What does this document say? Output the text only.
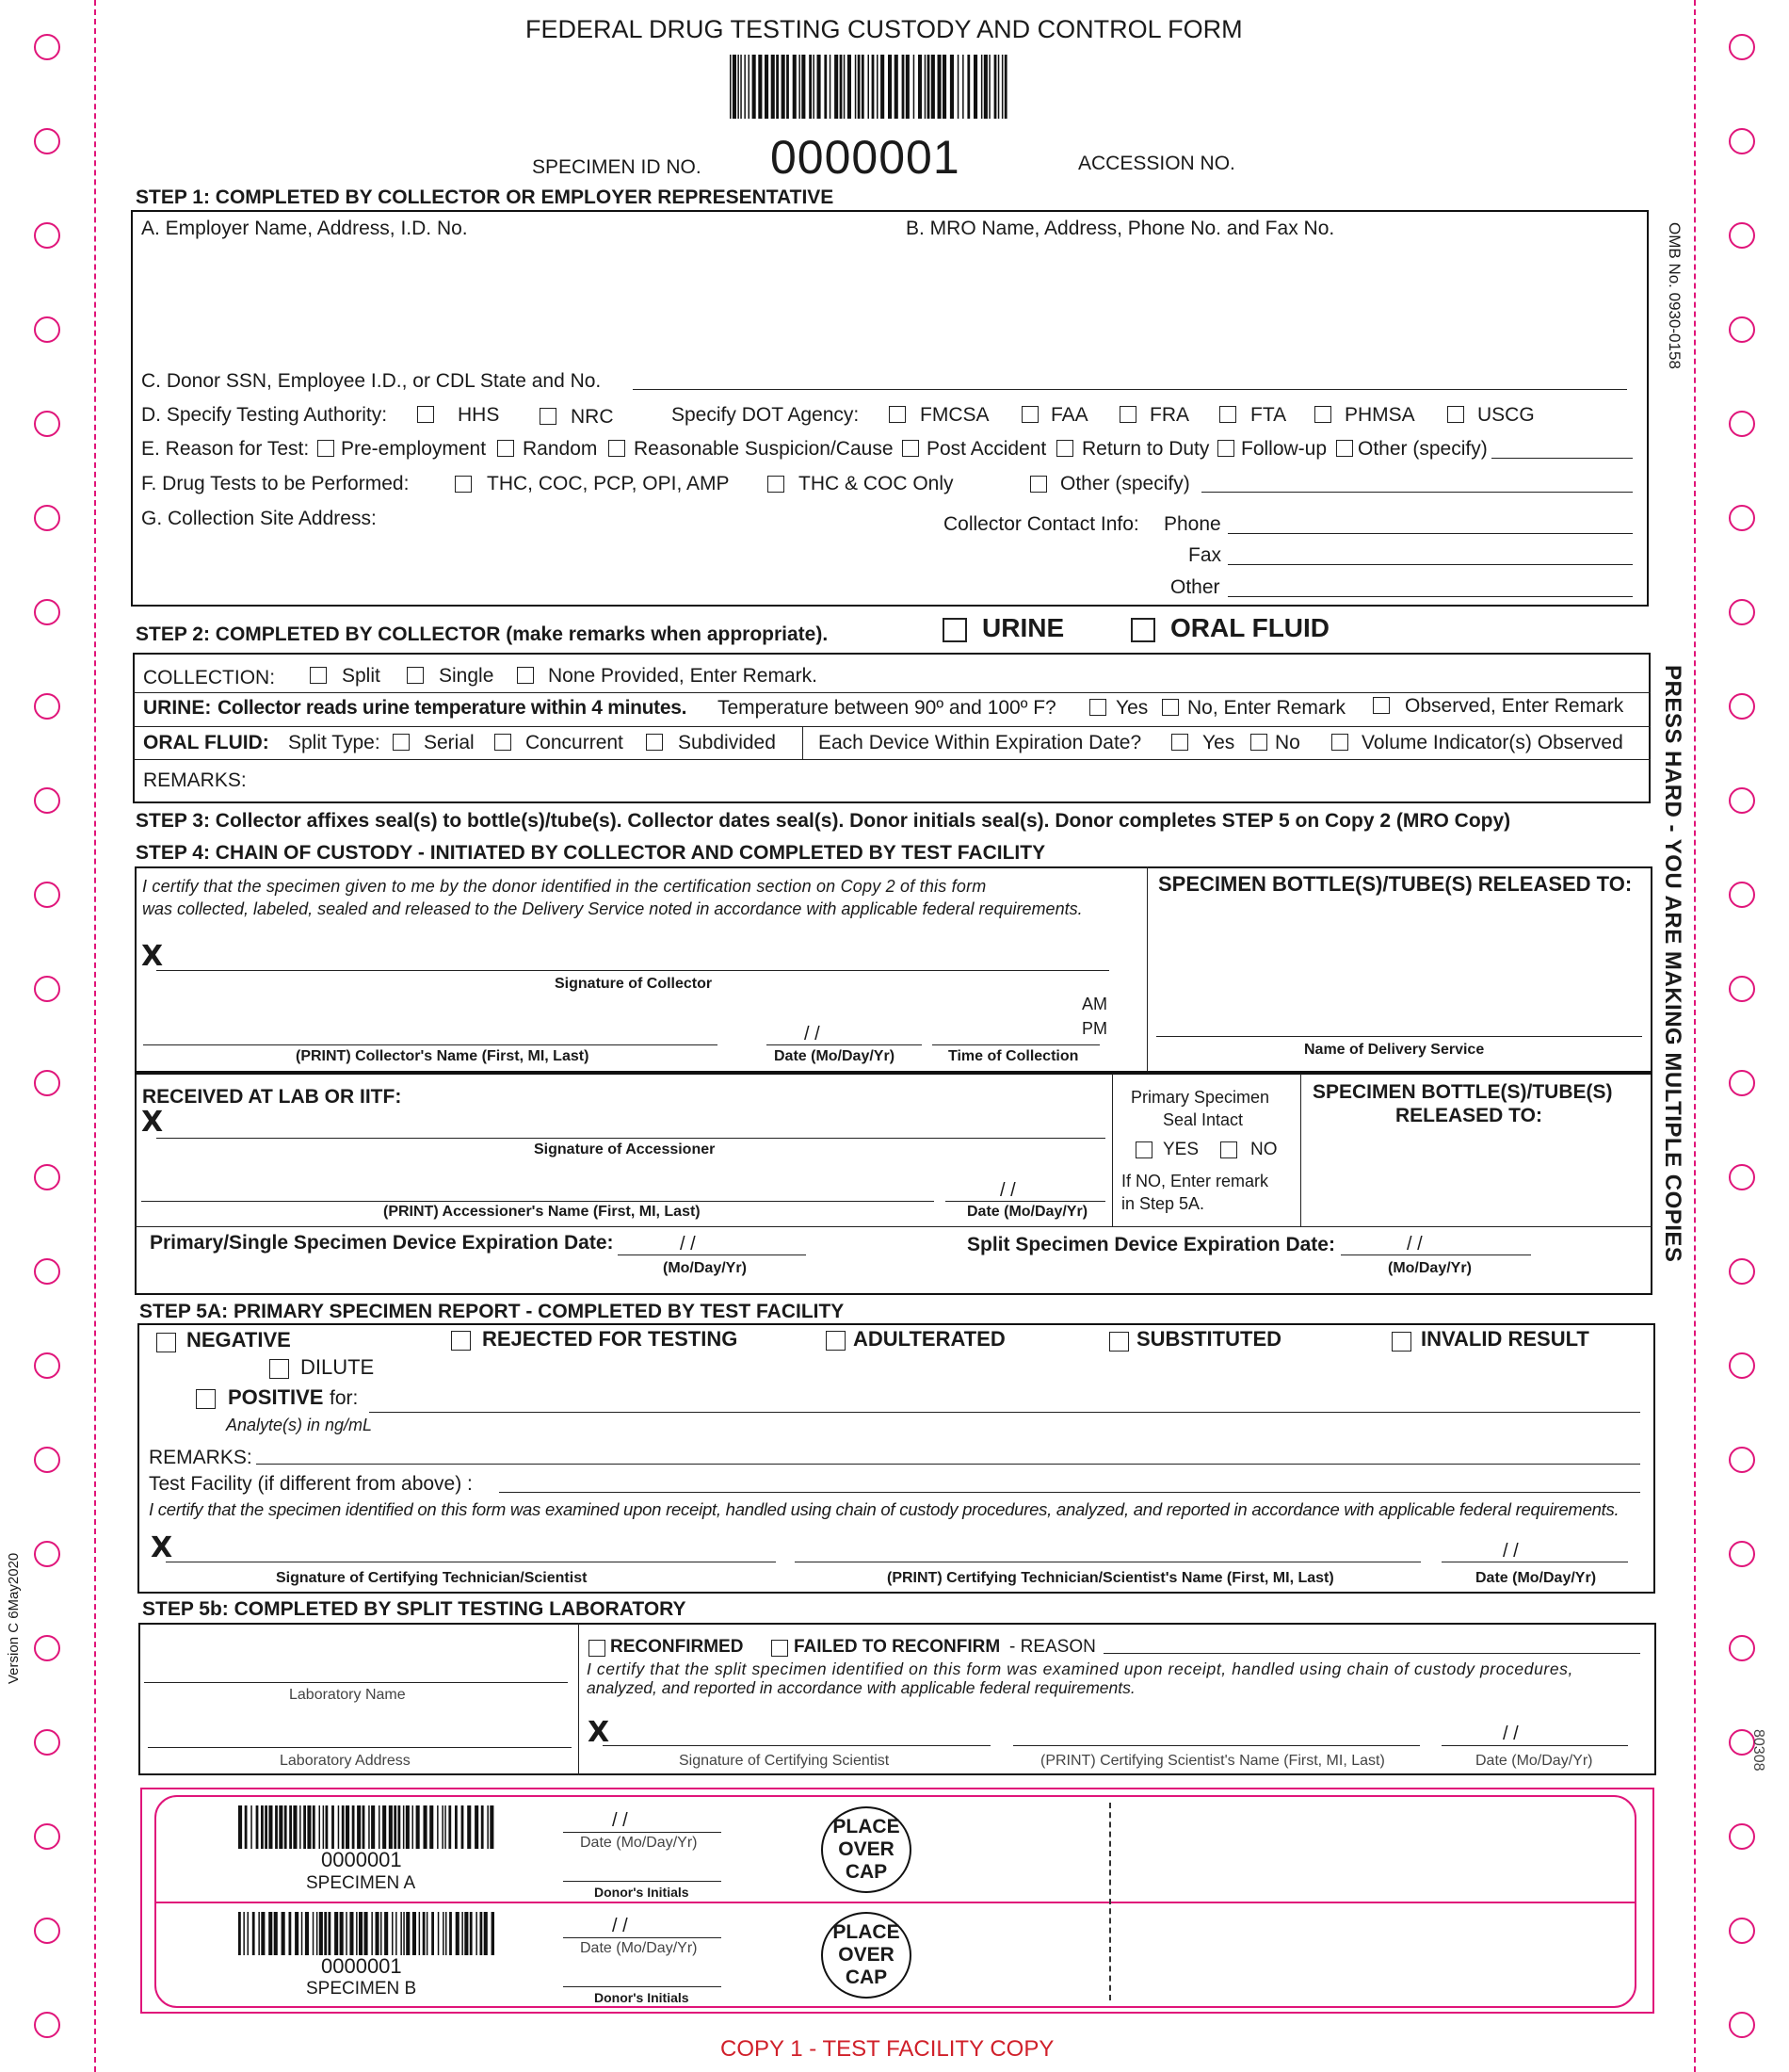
FEDERAL DRUG TESTING CUSTODY AND CONTROL FORM
SPECIMEN ID NO. 0000001	ACCESSION NO.
OMB No. 0930-0158
PRESS HARD - YOU ARE MAKING MULTIPLE COPIES
Version C 6May2020
80308
STEP 1: COMPLETED BY COLLECTOR OR EMPLOYER REPRESENTATIVE
A. Employer Name, Address, I.D. No.	B. MRO Name, Address, Phone No. and Fax No.
C. Donor SSN, Employee I.D., or CDL State and No.
D. Specify Testing Authority:	HHS	NRC	Specify DOT Agency:	FMCSA	FAA	FRA	FTA	PHMSA	USCG
E. Reason for Test: Pre-employment Random Reasonable Suspicion/Cause Post Accident Return to Duty Follow-up Other (specify)
F. Drug Tests to be Performed:	THC, COC, PCP, OPI, AMP	THC & COC Only	Other (specify)
G. Collection Site Address:	Collector Contact Info: Phone
Fax
Other
STEP 2: COMPLETED BY COLLECTOR (make remarks when appropriate).	URINE	ORAL FLUID
COLLECTION:	Split	Single	None Provided, Enter Remark.
URINE: Collector reads urine temperature within 4 minutes. Temperature between 90º and 100º F?	Yes No, Enter Remark	Observed, Enter Remark
ORAL FLUID: Split Type: Serial	Concurrent	Subdivided Each Device Within Expiration Date?	Yes No	Volume Indicator(s) Observed
REMARKS:
STEP 3: Collector affixes seal(s) to bottle(s)/tube(s). Collector dates seal(s). Donor initials seal(s). Donor completes STEP 5 on Copy 2 (MRO Copy)
STEP 4: CHAIN OF CUSTODY - INITIATED BY COLLECTOR AND COMPLETED BY TEST FACILITY
I certify that the specimen given to me by the donor identified in the certification section on Copy 2 of this form
was collected, labeled, sealed and released to the Delivery Service noted in accordance with applicable federal requirements.
X
Signature of Collector
AM
PM
/ /
(PRINT) Collector's Name (First, MI, Last)	Date (Mo/Day/Yr)	Time of Collection
SPECIMEN BOTTLE(S)/TUBE(S) RELEASED TO:
Name of Delivery Service
RECEIVED AT LAB OR IITF:
X
Signature of Accessioner
/ /
(PRINT) Accessioner's Name (First, MI, Last)	Date (Mo/Day/Yr)
Primary Specimen
Seal Intact
YES	NO
If NO, Enter remark
in Step 5A.
SPECIMEN BOTTLE(S)/TUBE(S)
RELEASED TO:
Primary/Single Specimen Device Expiration Date:	/ /
(Mo/Day/Yr)
Split Specimen Device Expiration Date:	/ /
(Mo/Day/Yr)
STEP 5A: PRIMARY SPECIMEN REPORT - COMPLETED BY TEST FACILITY
NEGATIVE	REJECTED FOR TESTING	ADULTERATED	SUBSTITUTED	INVALID RESULT
DILUTE
POSITIVE for:
Analyte(s) in ng/mL
REMARKS:
Test Facility (if different from above) :
I certify that the specimen identified on this form was examined upon receipt, handled using chain of custody procedures, analyzed, and reported in accordance with applicable federal requirements.
X	/ /
Signature of Certifying Technician/Scientist	(PRINT) Certifying Technician/Scientist's Name (First, MI, Last)	Date (Mo/Day/Yr)
STEP 5b: COMPLETED BY SPLIT TESTING LABORATORY
Laboratory Name
Laboratory Address
RECONFIRMED	FAILED TO RECONFIRM - REASON
I certify that the split specimen identified on this form was examined upon receipt, handled using chain of custody procedures,
analyzed, and reported in accordance with applicable federal requirements.
X	/ /
Signature of Certifying Scientist	(PRINT) Certifying Scientist's Name (First, MI, Last)	Date (Mo/Day/Yr)
0000001
SPECIMEN A
/ /
Date (Mo/Day/Yr)
Donor's Initials
PLACE OVER CAP
0000001
SPECIMEN B
/ /
Date (Mo/Day/Yr)
Donor's Initials
PLACE OVER CAP
COPY 1 - TEST FACILITY COPY
